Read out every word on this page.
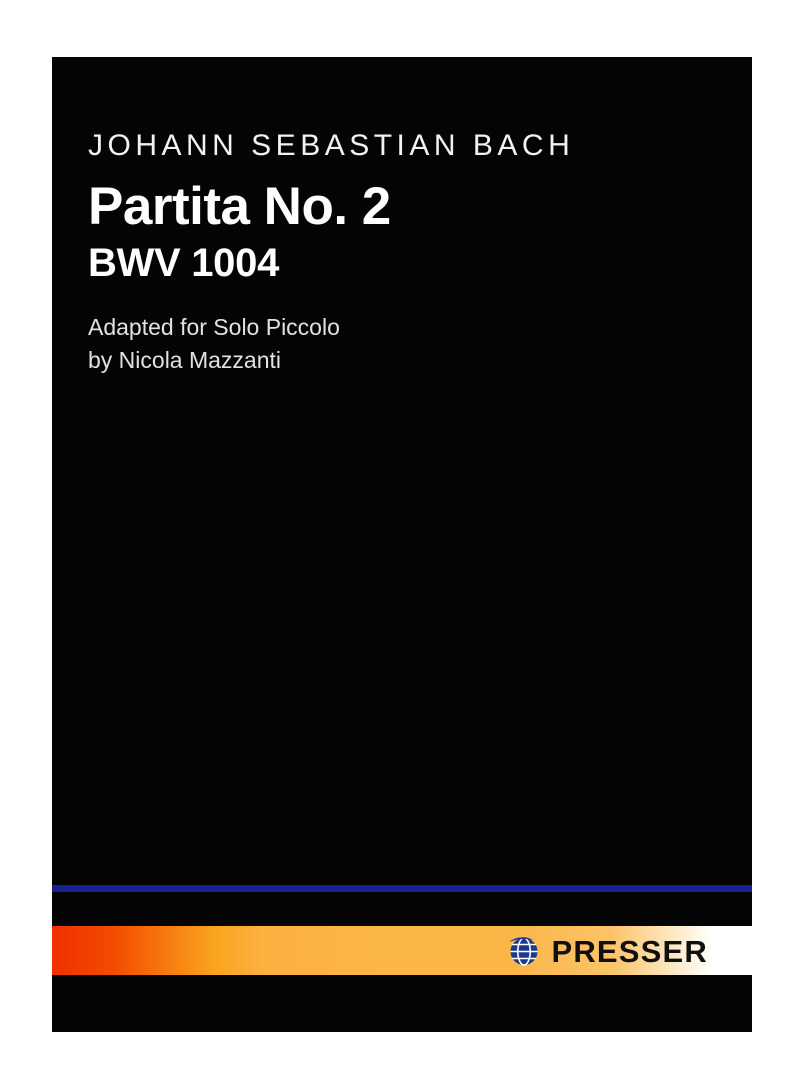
JOHANN SEBASTIAN BACH
Partita No. 2
BWV 1004
Adapted for Solo Piccolo
by Nicola Mazzanti
PRESSER
